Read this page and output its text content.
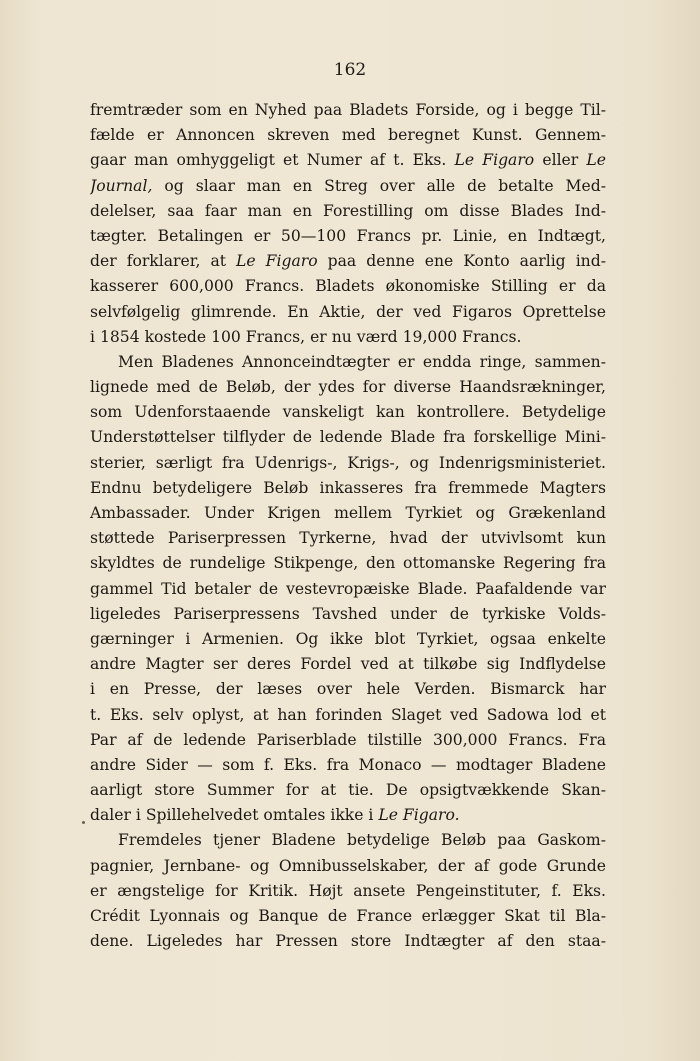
162
fremtræder som en Nyhed paa Bladets Forside, og i begge Til-
fælde er Annoncen skreven med beregnet Kunst. Gennem-
gaar man omhyggeligt et Numer af t. Eks. Le Figaro eller Le
Journal, og slaar man en Streg over alle de betalte Med-
delelser, saa faar man en Forestilling om disse Blades Ind-
tægter. Betalingen er 50—100 Francs pr. Linie, en Indtægt,
der forklarer, at Le Figaro paa denne ene Konto aarlig ind-
kasserer 600,000 Francs. Bladets økonomiske Stilling er da
selvfølgelig glimrende. En Aktie, der ved Figaros Oprettelse
i 1854 kostede 100 Francs, er nu værd 19,000 Francs.
Men Bladenes Annonceindtægter er endda ringe, sammen-
lignede med de Beløb, der ydes for diverse Haandsrækninger,
som Udenforstaaende vanskeligt kan kontrollere. Betydelige
Understøttelser tilflyder de ledende Blade fra forskellige Mini-
sterier, særligt fra Udenrigs-, Krigs-, og Indenrigsministeriet.
Endnu betydeligere Beløb inkasseres fra fremmede Magters
Ambassader. Under Krigen mellem Tyrkiet og Grækenland
støttede Pariserpressen Tyrkerne, hvad der utvivlsomt kun
skyldtes de rundelige Stikpenge, den ottomanske Regering fra
gammel Tid betaler de vestevropæiske Blade. Paafaldende var
ligeledes Pariserpressens Tavshed under de tyrkiske Volds-
gærninger i Armenien. Og ikke blot Tyrkiet, ogsaa enkelte
andre Magter ser deres Fordel ved at tilkøbe sig Indflydelse
i en Presse, der læses over hele Verden. Bismarck har
t. Eks. selv oplyst, at han forinden Slaget ved Sadowa lod et
Par af de ledende Pariserblade tilstille 300,000 Francs. Fra
andre Sider — som f. Eks. fra Monaco — modtager Bladene
aarligt store Summer for at tie. De opsigtvækkende Skan-
daler i Spillehelvedet omtales ikke i Le Figaro.
Fremdeles tjener Bladene betydelige Beløb paa Gaskom-
pagnier, Jernbane- og Omnibusselskaber, der af gode Grunde
er ængstelige for Kritik. Højt ansete Pengeinstituter, f. Eks.
Crédit Lyonnais og Banque de France erlægger Skat til Bla-
dene. Ligeledes har Pressen store Indtægter af den staa-
